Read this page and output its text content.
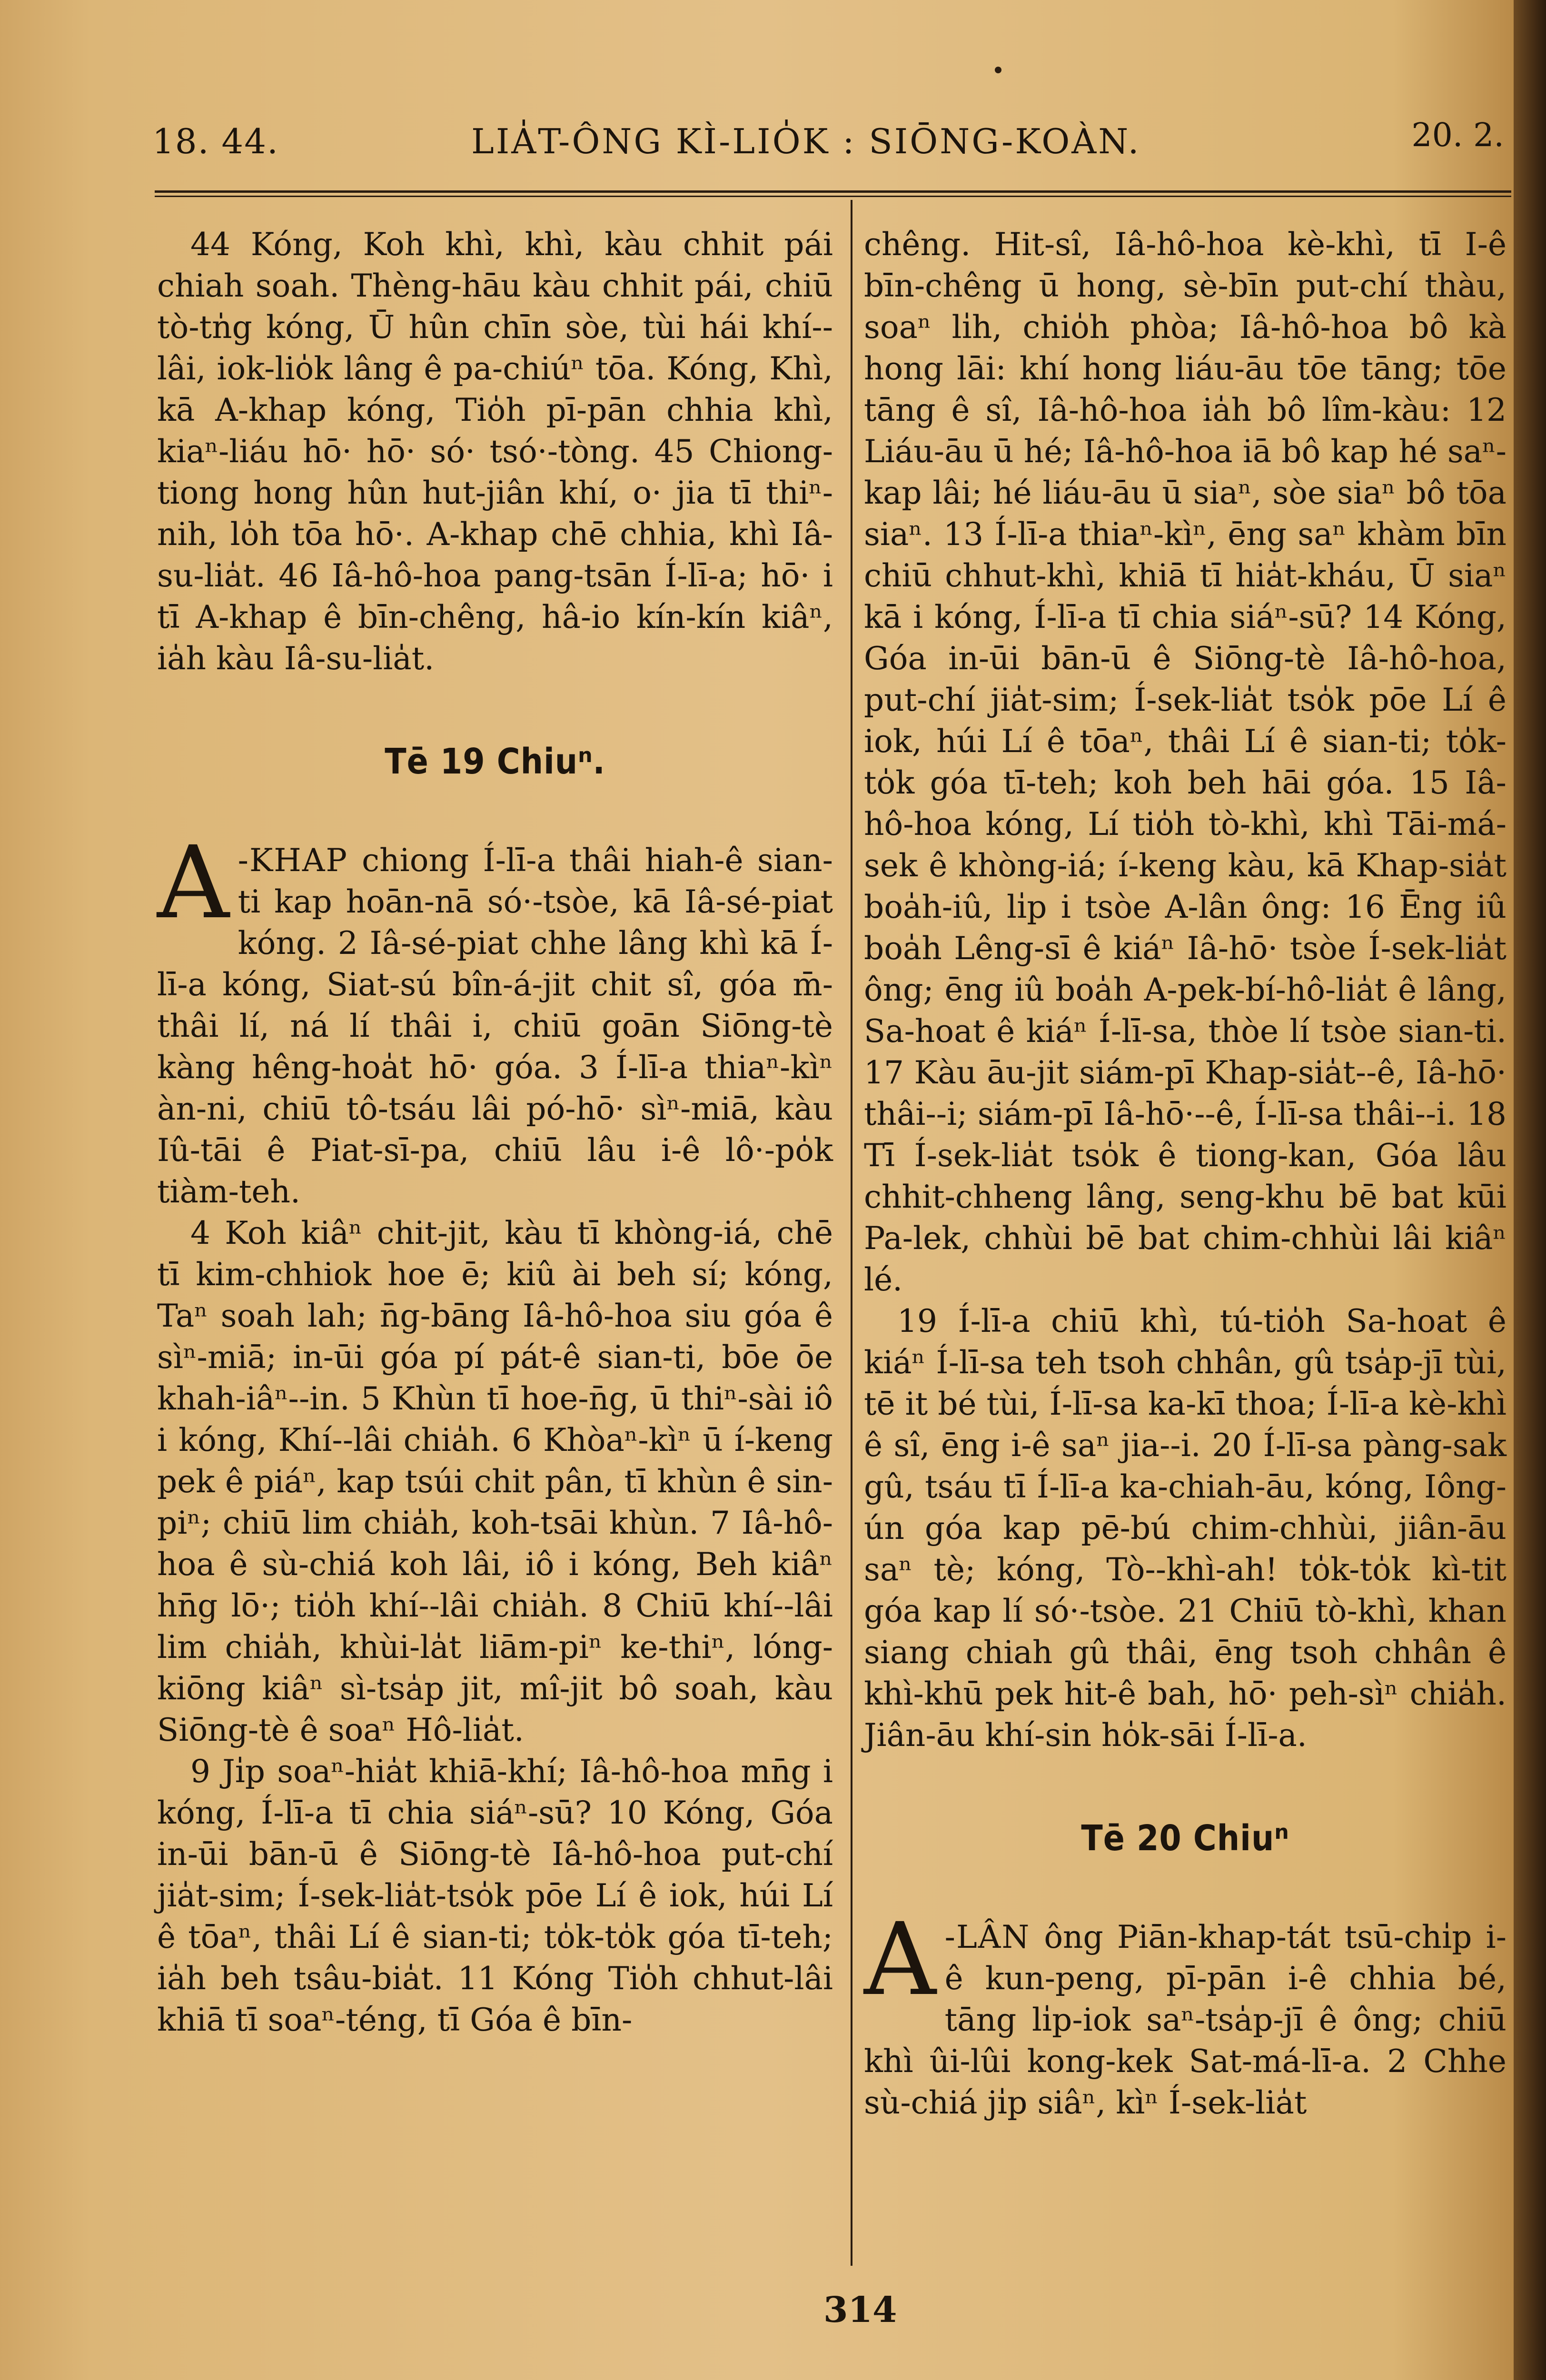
18. 44.	LIA̍T-ÔNG KÌ-LIO̍K : SIŌNG-KOÀN.	20. 2.

44 Kóng, Koh khì, khì, kàu chhit pái chiah soah. Thèng-hāu kàu chhit pái, chiū tò-tn̍g kóng, Ū hûn chīn sòe, tùi hái khí--lâi, iok-lio̍k lâng ê pa-chiúⁿ tōa. Kóng, Khì, kā A-khap kóng, Tio̍h pī-pān chhia khì, kiaⁿ-liáu hō· hō· só· tsó·-tòng. 45 Chiong-tiong hong hûn hut-jiân khí, o· jia tī thiⁿ-nih, lo̍h tōa hō·. A-khap chē chhia, khì Iâ-su-lia̍t. 46 Iâ-hô-hoa pang-tsān Í-lī-a; hō· i tī A-khap ê bīn-chêng, hâ-io kín-kín kiâⁿ, ia̍h kàu Iâ-su-lia̍t.

Tē 19 Chiuⁿ.

A -KHAP chiong Í-lī-a thâi hiah-ê sian-ti kap hoān-nā só·-tsòe, kā Iâ-sé-piat kóng. 2 Iâ-sé-piat chhe lâng khì kā Í-lī-a kóng, Siat-sú bîn-á-jit chit sî, góa m̄-thâi lí, ná lí thâi i, chiū goān Siōng-tè kàng hêng-hoa̍t hō· góa. 3 Í-lī-a thiaⁿ-kìⁿ àn-ni, chiū tô-tsáu lâi pó-hō· sìⁿ-miā, kàu Iû-tāi ê Piat-sī-pa, chiū lâu i-ê lô·-po̍k tiàm-teh.

4 Koh kiâⁿ chit-jit, kàu tī khòng-iá, chē tī kim-chhiok hoe ē; kiû ài beh sí; kóng, Taⁿ soah lah; n̄g-bāng Iâ-hô-hoa siu góa ê sìⁿ-miā; in-ūi góa pí pát-ê sian-ti, bōe ōe khah-iâⁿ--in. 5 Khùn tī hoe-n̄g, ū thiⁿ-sài iô i kóng, Khí--lâi chia̍h. 6 Khòaⁿ-kìⁿ ū í-keng pek ê piáⁿ, kap tsúi chit pân, tī khùn ê sin-piⁿ; chiū lim chia̍h, koh-tsāi khùn. 7 Iâ-hô-hoa ê sù-chiá koh lâi, iô i kóng, Beh kiâⁿ hn̄g lō·; tio̍h khí--lâi chia̍h. 8 Chiū khí--lâi lim chia̍h, khùi-la̍t liām-piⁿ ke-thiⁿ, lóng-kiōng kiâⁿ sì-tsa̍p jit, mî-jit bô soah, kàu Siōng-tè ê soaⁿ Hô-lia̍t.

9 Ji̍p soaⁿ-hia̍t khiā-khí; Iâ-hô-hoa mn̄g i kóng, Í-lī-a tī chia siáⁿ-sū? 10 Kóng, Góa in-ūi bān-ū ê Siōng-tè Iâ-hô-hoa put-chí jia̍t-sim; Í-sek-lia̍t-tso̍k pōe Lí ê iok, húi Lí ê tōaⁿ, thâi Lí ê sian-ti; to̍k-to̍k góa tī-teh; ia̍h beh tsâu-bia̍t. 11 Kóng Tio̍h chhut-lâi khiā tī soaⁿ-téng, tī Góa ê bīn-

chêng. Hit-sî, Iâ-hô-hoa kè-khì, tī I-ê bīn-chêng ū hong, sè-bīn put-chí thàu, soaⁿ li̍h, chio̍h phòa; Iâ-hô-hoa bô kà hong lāi: khí hong liáu-āu tōe tāng; tōe tāng ê sî, Iâ-hô-hoa ia̍h bô lîm-kàu: 12 Liáu-āu ū hé; Iâ-hô-hoa iā bô kap hé saⁿ-kap lâi; hé liáu-āu ū siaⁿ, sòe siaⁿ bô tōa siaⁿ. 13 Í-lī-a thiaⁿ-kìⁿ, ēng saⁿ khàm bīn chiū chhut-khì, khiā tī hia̍t-kháu, Ū siaⁿ kā i kóng, Í-lī-a tī chia siáⁿ-sū? 14 Kóng, Góa in-ūi bān-ū ê Siōng-tè Iâ-hô-hoa, put-chí jia̍t-sim; Í-sek-lia̍t tso̍k pōe Lí ê iok, húi Lí ê tōaⁿ, thâi Lí ê sian-ti; to̍k-to̍k góa tī-teh; koh beh hāi góa. 15 Iâ-hô-hoa kóng, Lí tio̍h tò-khì, khì Tāi-má-sek ê khòng-iá; í-keng kàu, kā Khap-sia̍t boa̍h-iû, li̍p i tsòe A-lân ông: 16 Ēng iû boa̍h Lêng-sī ê kiáⁿ Iâ-hō· tsòe Í-sek-lia̍t ông; ēng iû boa̍h A-pek-bí-hô-lia̍t ê lâng, Sa-hoat ê kiáⁿ Í-lī-sa, thòe lí tsòe sian-ti. 17 Kàu āu-jit siám-pī Khap-sia̍t--ê, Iâ-hō· thâi--i; siám-pī Iâ-hō·--ê, Í-lī-sa thâi--i. 18 Tī Í-sek-lia̍t tso̍k ê tiong-kan, Góa lâu chhit-chheng lâng, seng-khu bē bat kūi Pa-lek, chhùi bē bat chim-chhùi lâi kiâⁿ lé.

19 Í-lī-a chiū khì, tú-tio̍h Sa-hoat ê kiáⁿ Í-lī-sa teh tsoh chhân, gû tsa̍p-jī tùi, tē it bé tùi, Í-lī-sa ka-kī thoa; Í-lī-a kè-khì ê sî, ēng i-ê saⁿ jia--i. 20 Í-lī-sa pàng-sak gû, tsáu tī Í-lī-a ka-chiah-āu, kóng, Iông-ún góa kap pē-bú chim-chhùi, jiân-āu saⁿ tè; kóng, Tò--khì-ah! to̍k-to̍k kì-tit góa kap lí só·-tsòe. 21 Chiū tò-khì, khan siang chiah gû thâi, ēng tsoh chhân ê khì-khū pek hit-ê bah, hō· peh-sìⁿ chia̍h. Jiân-āu khí-sin ho̍k-sāi Í-lī-a.

Tē 20 Chiuⁿ

A -LÂN ông Piān-khap-tát tsū-chi̍p i-ê kun-peng, pī-pān i-ê chhia bé, tāng li̍p-iok saⁿ-tsa̍p-jī ê ông; chiū khì ûi-lûi kong-kek Sat-má-lī-a. 2 Chhe sù-chiá ji̍p siâⁿ, kìⁿ Í-sek-lia̍t

314
